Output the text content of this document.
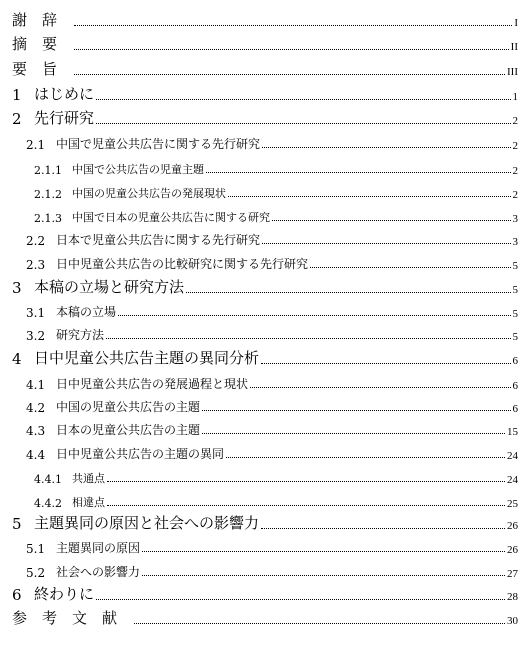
謝辞	I
摘要	II
要旨	III
1 はじめに	1
2 先行研究	2
2.1 中国で児童公共広告に関する先行研究	2
2.1.1 中国で公共広告の児童主題	2
2.1.2 中国の児童公共広告の発展現状	2
2.1.3 中国で日本の児童公共広告に関する研究	3
2.2 日本で児童公共広告に関する先行研究	3
2.3 日中児童公共広告の比較研究に関する先行研究	5
3 本稿の立場と研究方法	5
3.1 本稿の立場	5
3.2 研究方法	5
4 日中児童公共広告主題の異同分析	6
4.1 日中児童公共広告の発展過程と現状	6
4.2 中国の児童公共広告の主題	6
4.3 日本の児童公共広告の主題	15
4.4 日中児童公共広告の主題の異同	24
4.4.1 共通点	24
4.4.2 相違点	25
5 主題異同の原因と社会への影響力	26
5.1 主題異同の原因	26
5.2 社会への影響力	27
6 終わりに	28
参考文献	30
